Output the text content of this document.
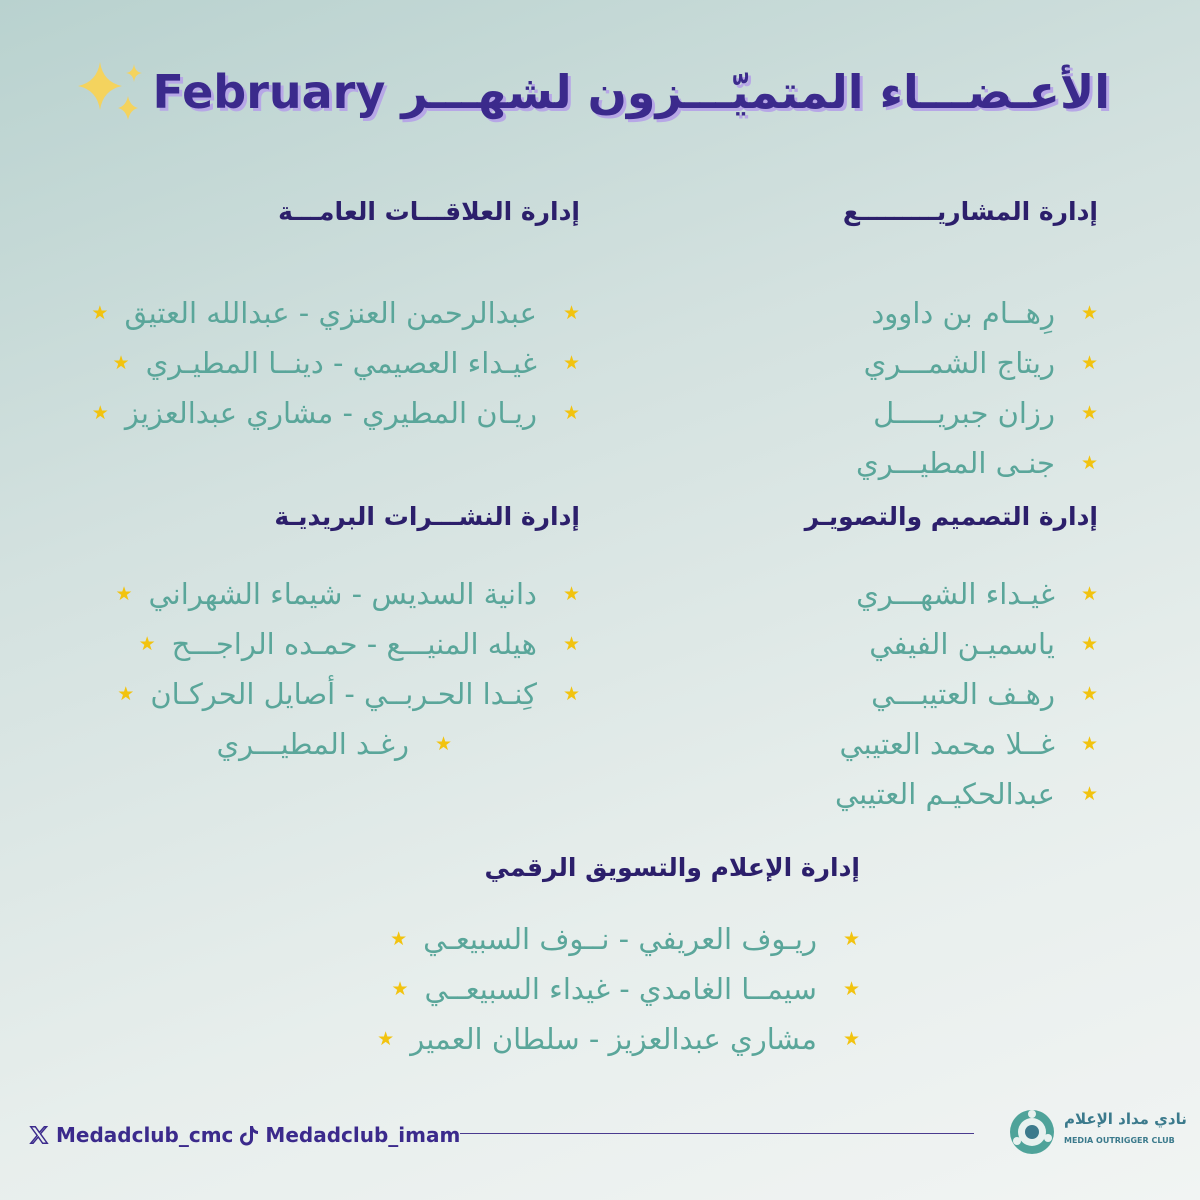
الأعـضـــاء المتميّـــزون لشهـــر February
إدارة المشاريـــــــــع
★
رِهــام بن داوود
★
ريتاج الشمـــري
★
رزان جبريـــــل
★
جنـى المطيـــري
إدارة العلاقـــات العامـــة
★
عبدالرحمن العنزي - عبدالله العتيق
★
★
غيـداء العصيمي - دينــا المطيـري
★
★
ريـان المطيري - مشاري عبدالعزيز
★
إدارة التصميم والتصويـر
★
غيـداء الشهـــري
★
ياسميـن الفيفي
★
رهـف العتيبـــي
★
غــلا محمد العتيبي
★
عبدالحكيـم العتيبي
إدارة النشـــرات البريديـة
★
دانية السديس - شيماء الشهراني
★
★
هيله المنيـــع - حمـده الراجـــح
★
★
كِنـدا الحـربــي - أصايل الحركـان
★
★
رغـد المطيـــري
إدارة الإعلام والتسويق الرقمي
★
ريـوف العريفي - نــوف السبيعـي
★
★
سيمــا الغامدي - غيداء السبيعــي
★
★
مشاري عبدالعزيز - سلطان العمير
★
Medadclub_cmc Medadclub_imam
نادي مداد الإعلام
MEDIA OUTRIGGER CLUB
